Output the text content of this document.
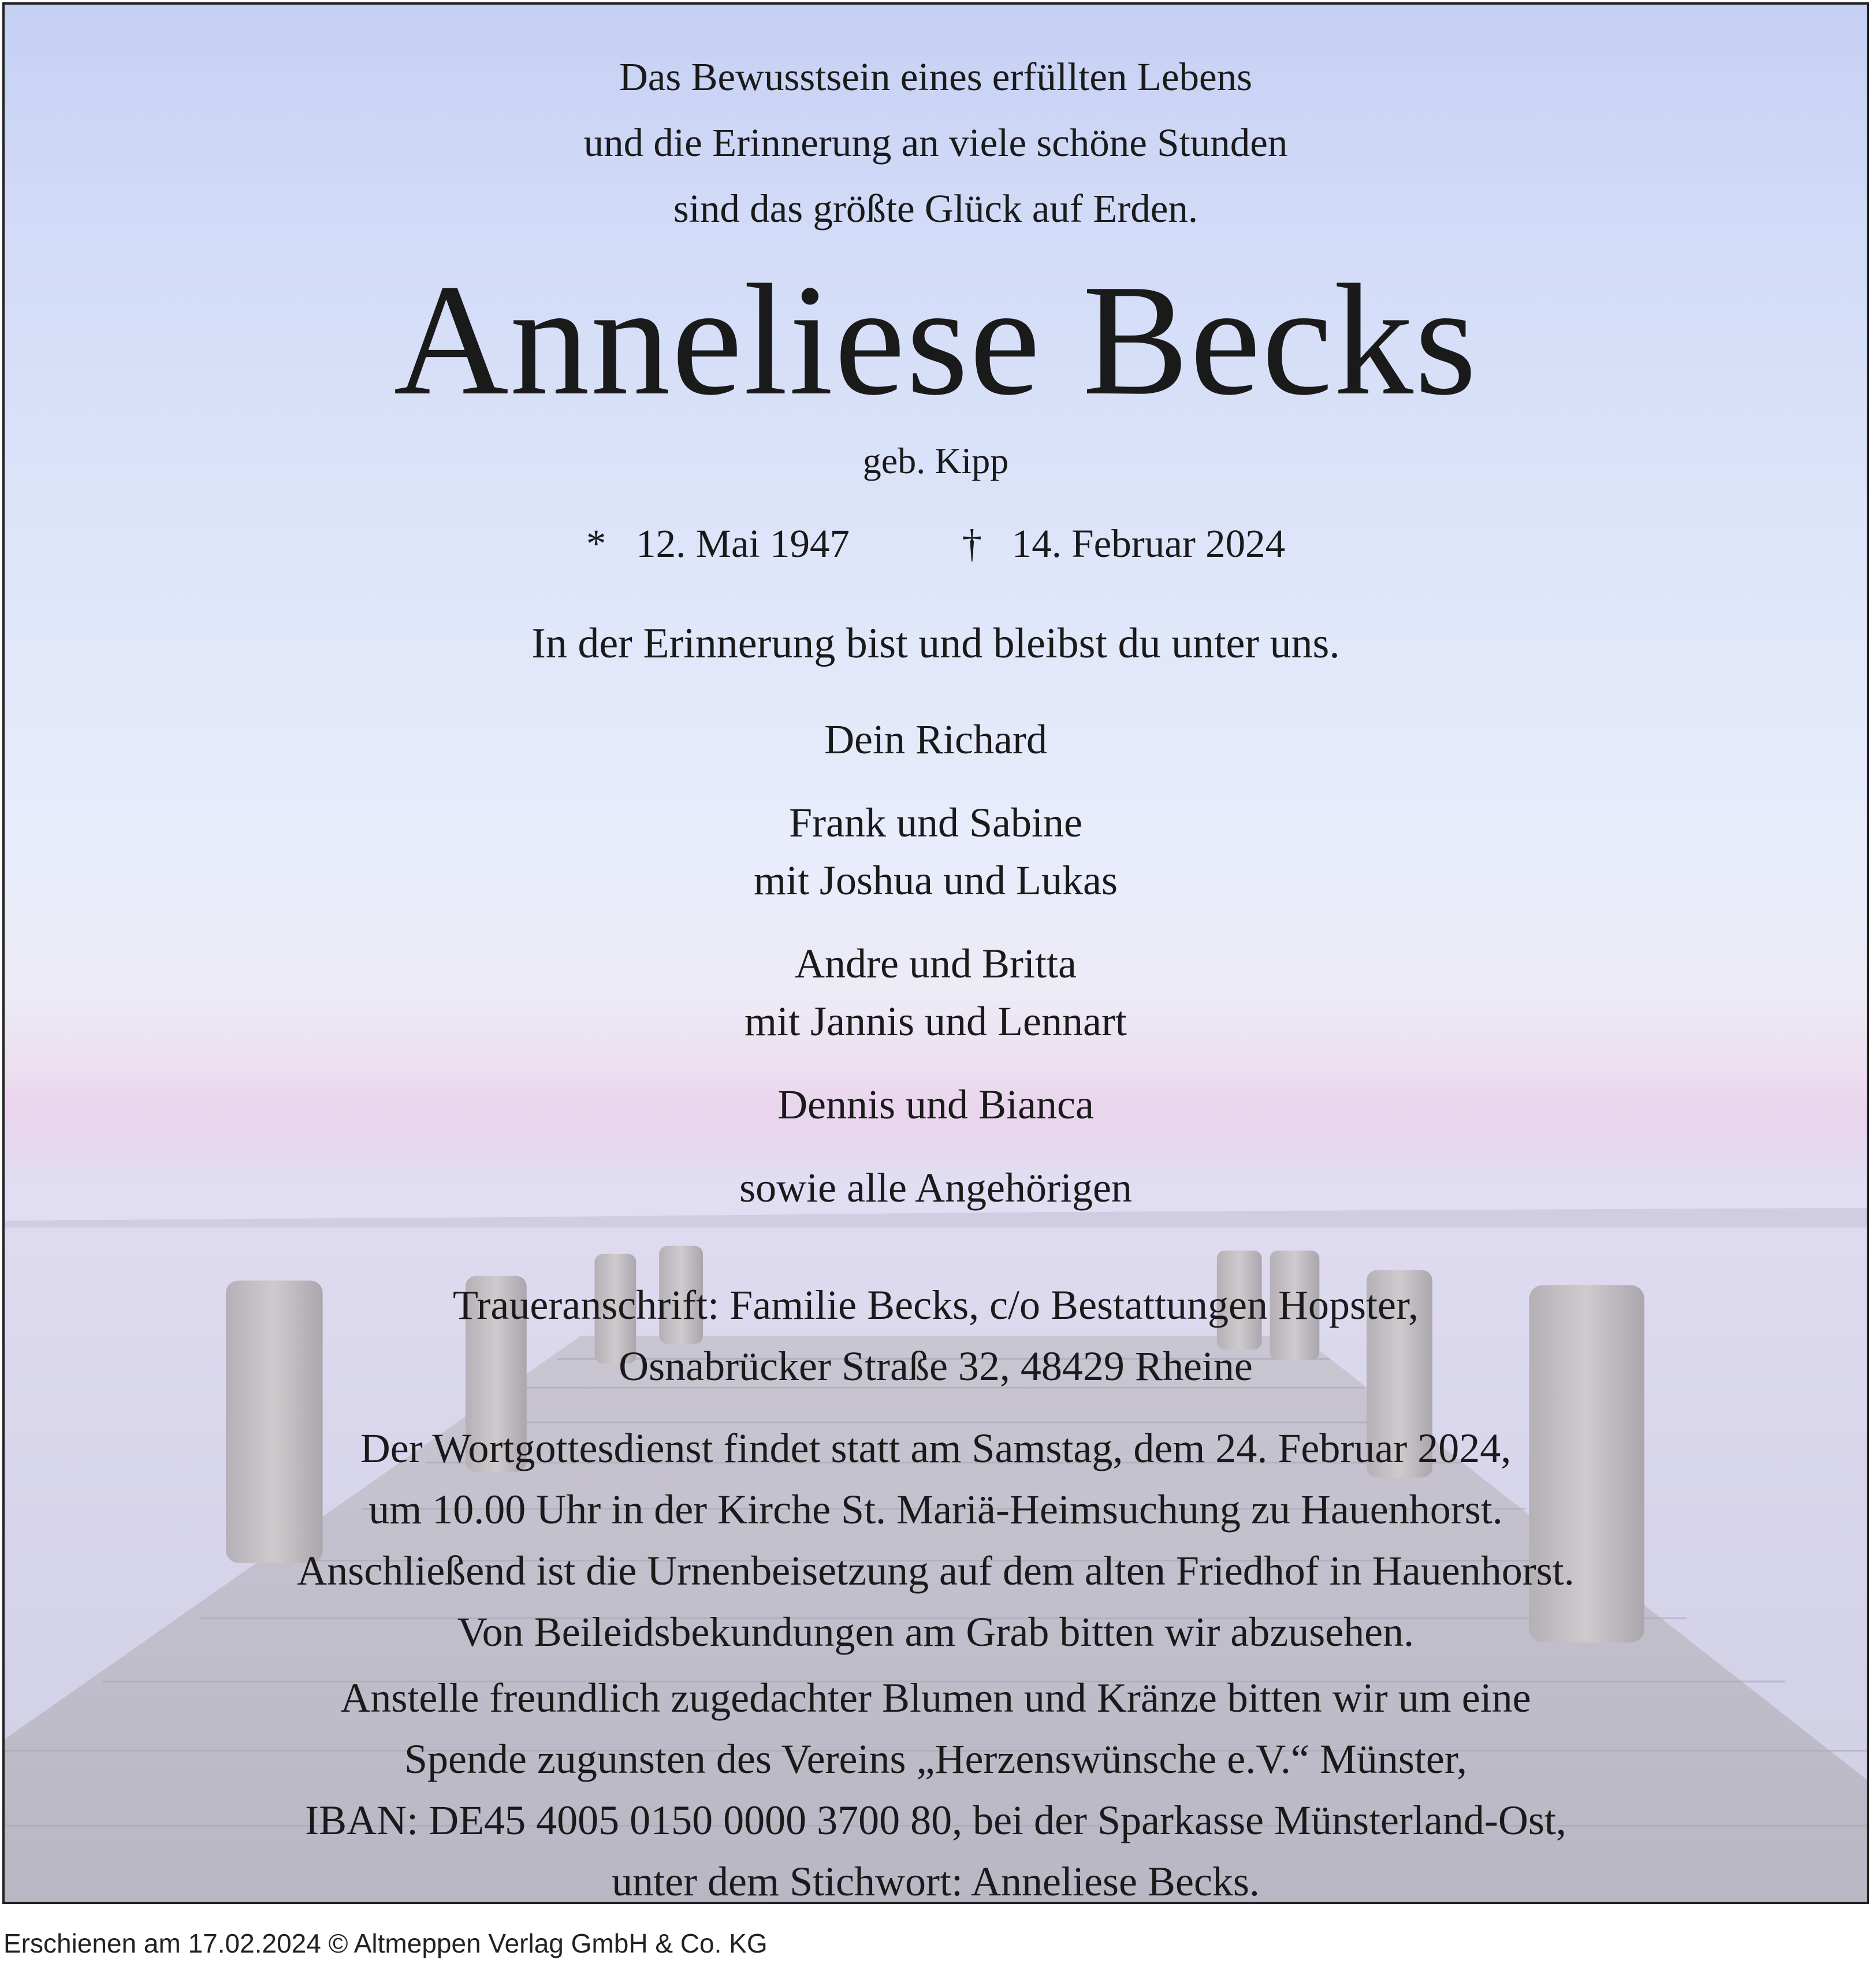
Das Bewusstsein eines erfüllten Lebens
und die Erinnerung an viele schöne Stunden
sind das größte Glück auf Erden.
Anneliese Becks
geb. Kipp
* 12. Mai 1947	† 14. Februar 2024
In der Erinnerung bist und bleibst du unter uns.
Dein Richard
Frank und Sabine
mit Joshua und Lukas
Andre und Britta
mit Jannis und Lennart
Dennis und Bianca
sowie alle Angehörigen
Traueranschrift: Familie Becks, c/o Bestattungen Hopster,
Osnabrücker Straße 32, 48429 Rheine
Der Wortgottesdienst findet statt am Samstag, dem 24. Februar 2024,
um 10.00 Uhr in der Kirche St. Mariä-Heimsuchung zu Hauenhorst.
Anschließend ist die Urnenbeisetzung auf dem alten Friedhof in Hauenhorst.
Von Beileidsbekundungen am Grab bitten wir abzusehen.
Anstelle freundlich zugedachter Blumen und Kränze bitten wir um eine
Spende zugunsten des Vereins „Herzenswünsche e.V.“ Münster,
IBAN: DE45 4005 0150 0000 3700 80, bei der Sparkasse Münsterland-Ost,
unter dem Stichwort: Anneliese Becks.
Erschienen am 17.02.2024 © Altmeppen Verlag GmbH & Co. KG
